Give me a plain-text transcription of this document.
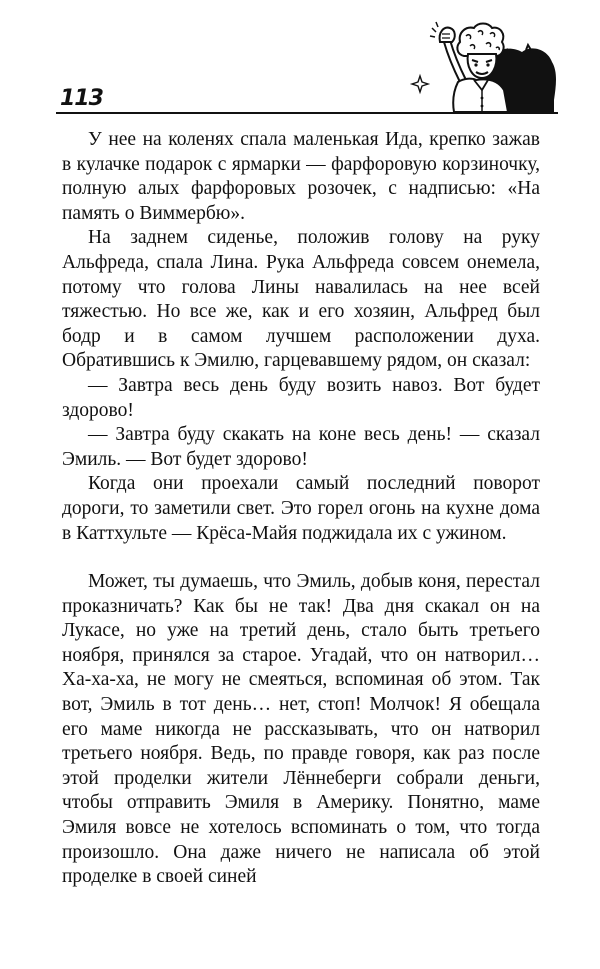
113

У нее на коленях спала маленькая Ида, крепко зажав в кулачке подарок с ярмарки — фарфоровую корзиночку, полную алых фарфоровых розочек, с надписью: «На память о Виммербю».

На заднем сиденье, положив голову на руку Альфреда, спала Лина. Рука Альфреда совсем онемела, потому что голова Лины навалилась на нее всей тяжестью. Но все же, как и его хозяин, Альфред был бодр и в самом лучшем расположении духа. Обратившись к Эмилю, гарцевавшему рядом, он сказал:

— Завтра весь день буду возить навоз. Вот будет здорово!

— Завтра буду скакать на коне весь день! — сказал Эмиль. — Вот будет здорово!

Когда они проехали самый последний поворот дороги, то заметили свет. Это горел огонь на кухне дома в Каттхульте — Крёса-Майя поджидала их с ужином.

Может, ты думаешь, что Эмиль, добыв коня, перестал проказничать? Как бы не так! Два дня скакал он на Лукасе, но уже на третий день, стало быть третьего ноября, принялся за старое. Угадай, что он натворил… Ха-ха-ха, не могу не смеяться, вспоминая об этом. Так вот, Эмиль в тот день… нет, стоп! Молчок! Я обещала его маме никогда не рассказывать, что он натворил третьего ноября. Ведь, по правде говоря, как раз после этой проделки жители Лённеберги собрали деньги, чтобы отправить Эмиля в Америку. Понятно, маме Эмиля вовсе не хотелось вспоминать о том, что тогда произошло. Она даже ничего не написала об этой проделке в своей синей
